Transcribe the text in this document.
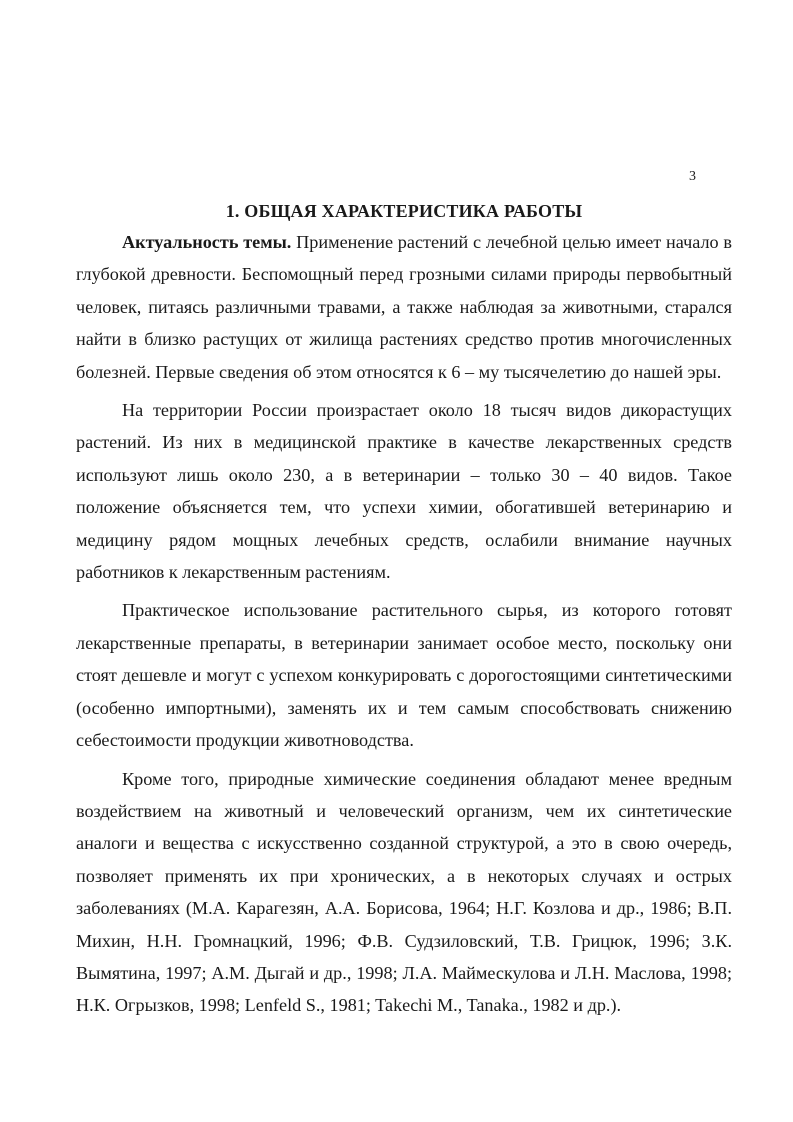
3
1. ОБЩАЯ ХАРАКТЕРИСТИКА РАБОТЫ

Актуальность темы. Применение растений с лечебной целью имеет начало в глубокой древности. Беспомощный перед грозными силами природы первобытный человек, питаясь различными травами, а также наблюдая за животными, старался найти в близко растущих от жилища растениях средство против многочисленных болезней. Первые сведения об этом относятся к 6 – му тысячелетию до нашей эры.

На территории России произрастает около 18 тысяч видов дикорастущих растений. Из них в медицинской практике в качестве лекарственных средств используют лишь около 230, а в ветеринарии – только 30 – 40 видов. Такое положение объясняется тем, что успехи химии, обогатившей ветеринарию и медицину рядом мощных лечебных средств, ослабили внимание научных работников к лекарственным растениям.

Практическое использование растительного сырья, из которого готовят лекарственные препараты, в ветеринарии занимает особое место, поскольку они стоят дешевле и могут с успехом конкурировать с дорогостоящими синтетическими (особенно импортными), заменять их и тем самым способствовать снижению себестоимости продукции животноводства.

Кроме того, природные химические соединения обладают менее вредным воздействием на животный и человеческий организм, чем их синтетические аналоги и вещества с искусственно созданной структурой, а это в свою очередь, позволяет применять их при хронических, а в некоторых случаях и острых заболеваниях (М.А. Карагезян, А.А. Борисова, 1964; Н.Г. Козлова и др., 1986; В.П. Михин, Н.Н. Громнацкий, 1996; Ф.В. Судзиловский, Т.В. Грицюк, 1996; З.К. Вымятина, 1997; А.М. Дыгай и др., 1998; Л.А. Маймескулова и Л.Н. Маслова, 1998; Н.К. Огрызков, 1998; Lenfeld S., 1981; Takechi M., Tanaka., 1982 и др.).
